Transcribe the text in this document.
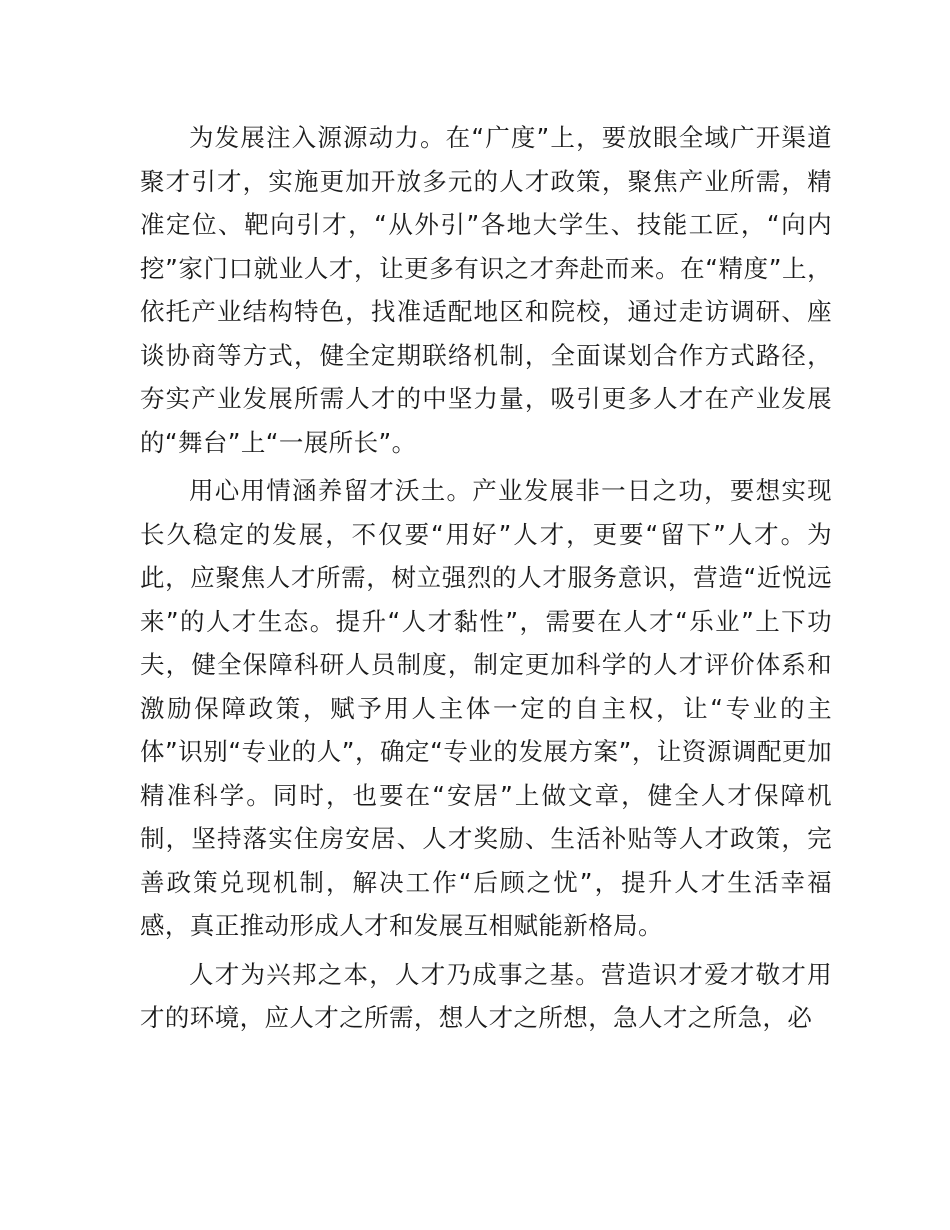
为发展注入源源动力。在“广度”上，要放眼全域广开渠道聚才引才，实施更加开放多元的人才政策，聚焦产业所需，精准定位、靶向引才，“从外引”各地大学生、技能工匠，“向内挖”家门口就业人才，让更多有识之才奔赴而来。在“精度”上，依托产业结构特色，找准适配地区和院校，通过走访调研、座谈协商等方式，健全定期联络机制，全面谋划合作方式路径，夯实产业发展所需人才的中坚力量，吸引更多人才在产业发展的“舞台”上“一展所长”。

用心用情涵养留才沃土。产业发展非一日之功，要想实现长久稳定的发展，不仅要“用好”人才，更要“留下”人才。为此，应聚焦人才所需，树立强烈的人才服务意识，营造“近悦远来”的人才生态。提升“人才黏性”，需要在人才“乐业”上下功夫，健全保障科研人员制度，制定更加科学的人才评价体系和激励保障政策，赋予用人主体一定的自主权，让“专业的主体”识别“专业的人”，确定“专业的发展方案”，让资源调配更加精准科学。同时，也要在“安居”上做文章，健全人才保障机制，坚持落实住房安居、人才奖励、生活补贴等人才政策，完善政策兑现机制，解决工作“后顾之忧”，提升人才生活幸福感，真正推动形成人才和发展互相赋能新格局。

人才为兴邦之本，人才乃成事之基。营造识才爱才敬才用才的环境，应人才之所需，想人才之所想，急人才之所急，必
